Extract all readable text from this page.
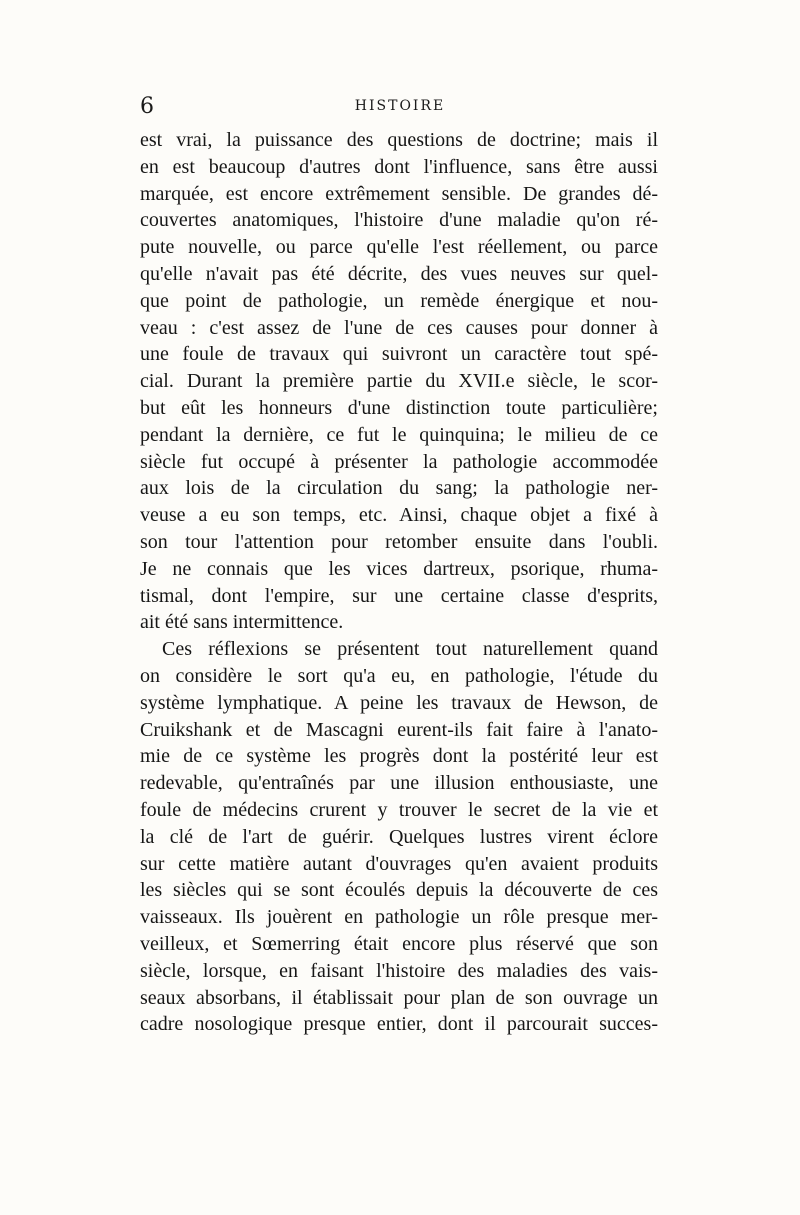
6	HISTOIRE
est vrai, la puissance des questions de doctrine; mais il
en est beaucoup d'autres dont l'influence, sans être aussi
marquée, est encore extrêmement sensible. De grandes dé-
couvertes anatomiques, l'histoire d'une maladie qu'on ré-
pute nouvelle, ou parce qu'elle l'est réellement, ou parce
qu'elle n'avait pas été décrite, des vues neuves sur quel-
que point de pathologie, un remède énergique et nou-
veau : c'est assez de l'une de ces causes pour donner à
une foule de travaux qui suivront un caractère tout spé-
cial. Durant la première partie du XVII.e siècle, le scor-
but eût les honneurs d'une distinction toute particulière;
pendant la dernière, ce fut le quinquina; le milieu de ce
siècle fut occupé à présenter la pathologie accommodée
aux lois de la circulation du sang; la pathologie ner-
veuse a eu son temps, etc. Ainsi, chaque objet a fixé à
son tour l'attention pour retomber ensuite dans l'oubli.
Je ne connais que les vices dartreux, psorique, rhuma-
tismal, dont l'empire, sur une certaine classe d'esprits,
ait été sans intermittence.
Ces réflexions se présentent tout naturellement quand
on considère le sort qu'a eu, en pathologie, l'étude du
système lymphatique. A peine les travaux de Hewson, de
Cruikshank et de Mascagni eurent-ils fait faire à l'anato-
mie de ce système les progrès dont la postérité leur est
redevable, qu'entraînés par une illusion enthousiaste, une
foule de médecins crurent y trouver le secret de la vie et
la clé de l'art de guérir. Quelques lustres virent éclore
sur cette matière autant d'ouvrages qu'en avaient produits
les siècles qui se sont écoulés depuis la découverte de ces
vaisseaux. Ils jouèrent en pathologie un rôle presque mer-
veilleux, et Sœmerring était encore plus réservé que son
siècle, lorsque, en faisant l'histoire des maladies des vais-
seaux absorbans, il établissait pour plan de son ouvrage un
cadre nosologique presque entier, dont il parcourait succes-
